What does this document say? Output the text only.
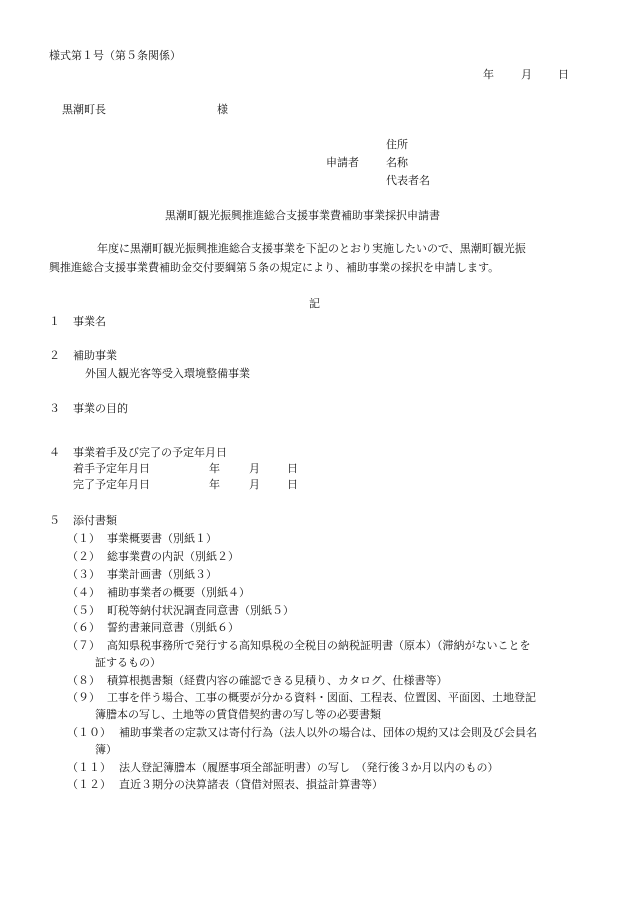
様式第１号（第５条関係）
年 月 日
黒潮町長	様
住所
申請者 名称
代表者名
黒潮町観光振興推進総合支援事業費補助事業採択申請書
年度に黒潮町観光振興推進総合支援事業を下記のとおり実施したいので、黒潮町観光振
興推進総合支援事業費補助金交付要綱第５条の規定により、補助事業の採択を申請します。
記
１ 事業名
２ 補助事業
外国人観光客等受入環境整備事業
３ 事業の目的
４ 事業着手及び完了の予定年月日
着手予定年月日	年	月 日
完了予定年月日	年	月 日
５ 添付書類
（１） 事業概要書（別紙１）
（２） 総事業費の内訳（別紙２）
（３） 事業計画書（別紙３）
（４） 補助事業者の概要（別紙４）
（５） 町税等納付状況調査同意書（別紙５）
（６） 誓約書兼同意書（別紙６）
（７） 高知県税事務所で発行する高知県税の全税目の納税証明書（原本）（滞納がないことを
証するもの）
（８） 積算根拠書類（経費内容の確認できる見積り、カタログ、仕様書等）
（９） 工事を伴う場合、工事の概要が分かる資料・図面、工程表、位置図、平面図、土地登記
簿謄本の写し、土地等の賃貸借契約書の写し等の必要書類
（１０） 補助事業者の定款又は寄付行為（法人以外の場合は、団体の規約又は会則及び会員名
簿）
（１１） 法人登記簿謄本（履歴事項全部証明書）の写し　（発行後３か月以内のもの）
（１２） 直近３期分の決算諸表（貸借対照表、損益計算書等）
